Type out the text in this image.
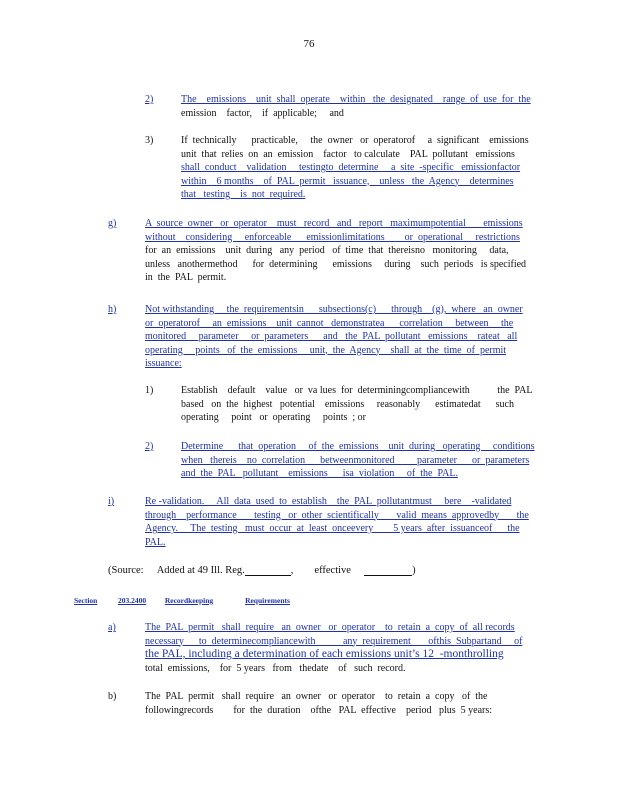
76
2)	The    emissions    unit  shall  operate    within   the  designated    range  of  use  for  the
emission    factor,    if  applicable;     and
3)	If  technically      practicable,     the  owner   or  operatorof     a  significant    emissions
unit  that  relies  on  an  emission    factor   to calculate    PAL  pollutant   emissions
shall  conduct    validation     testingto  determine     a  site  -specific   emissionfactor
within    6 months    of  PAL  permit   issuance,    unless   the  Agency    determines
that   testing    is  not  required.
g)	A  source  owner   or  operator    must   record   and   report   maximumpotential       emissions
without    considering     enforceable      emissionlimitations        or  operational     restrictions
for  an  emissions    unit  during   any  period   of  time  that  thereisno   monitoring     data,
unless   anothermethod      for  determining      emissions     during    such  periods   is specified
in  the  PAL  permit.
h)	Not withstanding     the  requirementsin      subsections(c)      through    (g),  where   an  owner
or  operatorof     an  emissions    unit  cannot   demonstratea      correlation     between     the
monitored     parameter     or  parameters      and   the  PAL  pollutant   emissions    rateat   all
operating     points   of  the  emissions     unit,  the  Agency    shall  at  the  time  of  permit
issuance:
1)	Establish    default    value   or  va lues  for  determiningcompliancewith           the  PAL
based   on  the  highest   potential    emissions     reasonably      estimatedat      such
operating     point   or  operating     points  ; or
2)	Determine      that  operation     of  the  emissions    unit  during   operating     conditions
when   thereis    no  correlation      betweenmonitored         parameter      or  parameters
and  the  PAL   pollutant    emissions      isa  violation     of  the  PAL.
i)	Re -validation.     All  data  used  to  establish    the  PAL  pollutantmust     bere    -validated
through    performance       testing   or  other  scientifically       valid  means  approvedby       the
Agency.     The  testing   must  occur  at  least  onceevery        5 years  after  issuanceof      the
PAL.
a)	The  PAL  permit   shall  require   an  owner   or  operator    to  retain  a  copy  of  all records
necessary      to  determinecompliancewith           any  requirement       ofthis  Subpartand     of
the PAL, including a determination of each emissions unit’s 12  -monthrolling
total  emissions,    for  5 years   from   thedate    of   such  record.
b)	The  PAL  permit   shall  require   an  owner   or  operator    to  retain  a  copy   of  the
followingrecords        for  the  duration    ofthe   PAL  effective    period   plus  5 years:
(Source: Added at 49 Ill. Reg.	, effective	)
Section	203.2400	Recordkeeping	Requirements
